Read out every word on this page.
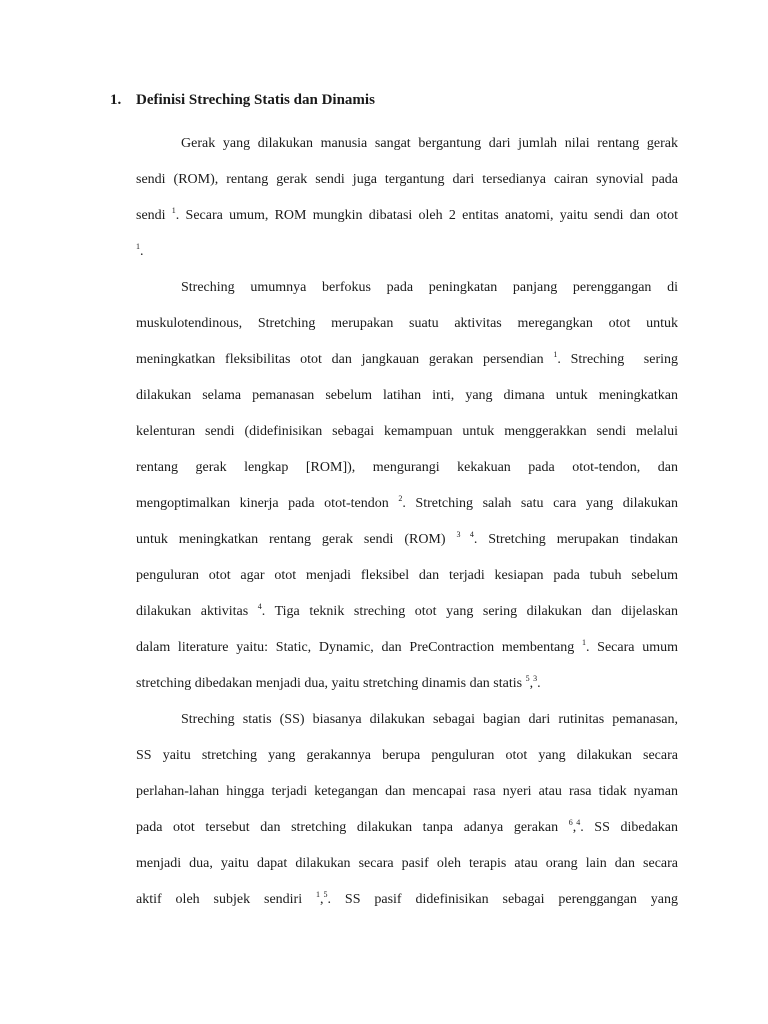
1. Definisi Streching Statis dan Dinamis
Gerak yang dilakukan manusia sangat bergantung dari jumlah nilai rentang gerak
sendi (ROM), rentang gerak sendi juga tergantung dari tersedianya cairan synovial pada
sendi $^1$. Secara umum, ROM mungkin dibatasi oleh 2 entitas anatomi, yaitu sendi dan otot
$^1$.
Streching umumnya berfokus pada peningkatan panjang perenggangan di
muskulotendinous, Stretching merupakan suatu aktivitas meregangkan otot untuk
meningkatkan fleksibilitas otot dan jangkauan gerakan persendian $^1$. Streching  sering
dilakukan selama pemanasan sebelum latihan inti, yang dimana untuk meningkatkan
kelenturan sendi (didefinisikan sebagai kemampuan untuk menggerakkan sendi melalui
rentang gerak lengkap [ROM]), mengurangi kekakuan pada otot-tendon, dan
mengoptimalkan kinerja pada otot-tendon $^2$. Stretching salah satu cara yang dilakukan
untuk meningkatkan rentang gerak sendi (ROM) $^{3 4}$. Stretching merupakan tindakan
penguluran otot agar otot menjadi fleksibel dan terjadi kesiapan pada tubuh sebelum
dilakukan aktivitas $^4$. Tiga teknik streching otot yang sering dilakukan dan dijelaskan
dalam literature yaitu: Static, Dynamic, dan PreContraction membentang $^1$. Secara umum
stretching dibedakan menjadi dua, yaitu stretching dinamis dan statis $^5$,$^3$.
Streching statis (SS) biasanya dilakukan sebagai bagian dari rutinitas pemanasan,
SS yaitu stretching yang gerakannya berupa penguluran otot yang dilakukan secara
perlahan-lahan hingga terjadi ketegangan dan mencapai rasa nyeri atau rasa tidak nyaman
pada otot tersebut dan stretching dilakukan tanpa adanya gerakan $^6$,$^4$. SS dibedakan
menjadi dua, yaitu dapat dilakukan secara pasif oleh terapis atau orang lain dan secara
aktif oleh subjek sendiri $^1$,$^5$. SS pasif didefinisikan sebagai perenggangan yang
